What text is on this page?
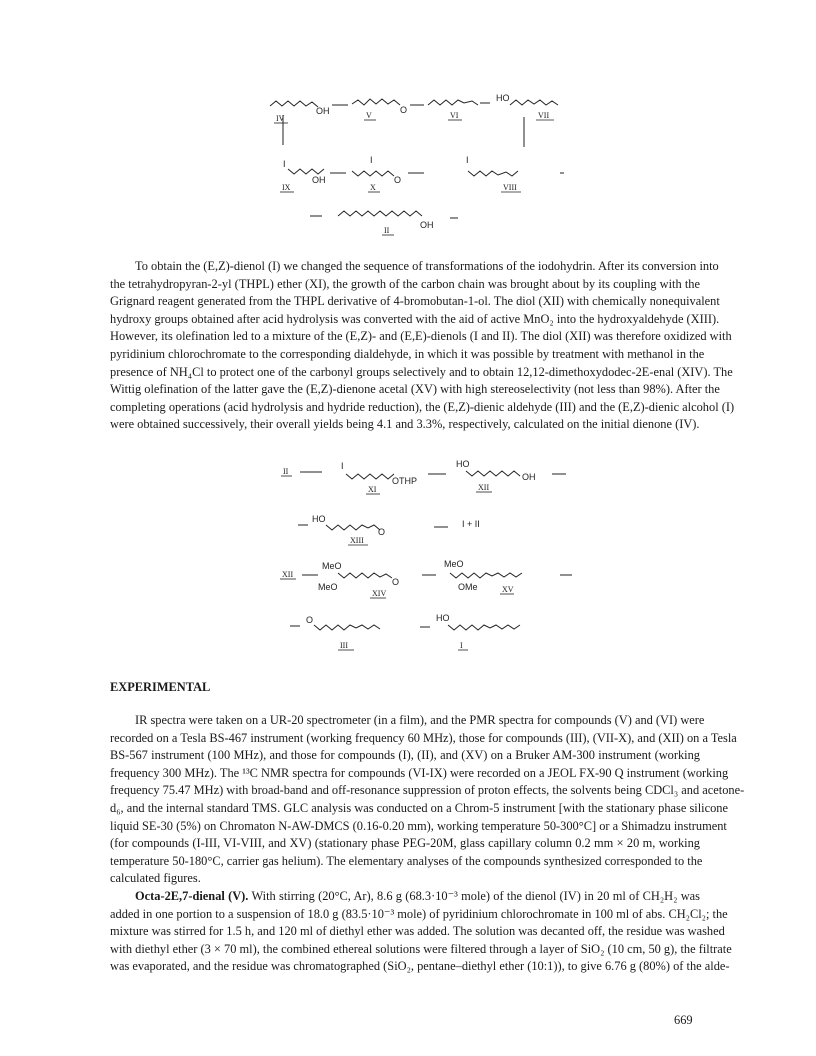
OH	O
HO
IV	V	VI	VII
I
OH
I
O
I
IX	X	VIII
OH
II
To obtain the (E,Z)-dienol (I) we changed the sequence of transformations of the iodohydrin. After its conversion into
the tetrahydropyran-2-yl (THPL) ether (XI), the growth of the carbon chain was brought about by its coupling with the
Grignard reagent generated from the THPL derivative of 4-bromobutan-1-ol. The diol (XII) with chemically nonequivalent
hydroxy groups obtained after acid hydrolysis was converted with the aid of active MnO₂ into the hydroxyaldehyde (XIII).
However, its olefination led to a mixture of the (E,Z)- and (E,E)-dienols (I and II). The diol (XII) was therefore oxidized with
pyridinium chlorochromate to the corresponding dialdehyde, in which it was possible by treatment with methanol in the
presence of NH₄Cl to protect one of the carbonyl groups selectively and to obtain 12,12-dimethoxydodec-2E-enal (XIV). The
Wittig olefination of the latter gave the (E,Z)-dienone acetal (XV) with high stereoselectivity (not less than 98%). After the
completing operations (acid hydrolysis and hydride reduction), the (E,Z)-dienic aldehyde (III) and the (E,Z)-dienic alcohol (I)
were obtained successively, their overall yields being 4.1 and 3.3%, respectively, calculated on the initial dienone (IV).
II
I
OTHP
XI
HO
OH
XII
HO
O
XIII
I + II
XII
MeO
MeO	O
XIV
MeO
OMe	XV
O
III
HO
I
EXPERIMENTAL
IR spectra were taken on a UR-20 spectrometer (in a film), and the PMR spectra for compounds (V) and (VI) were
recorded on a Tesla BS-467 instrument (working frequency 60 MHz), those for compounds (III), (VII-X), and (XII) on a Tesla
BS-567 instrument (100 MHz), and those for compounds (I), (II), and (XV) on a Bruker AM-300 instrument (working
frequency 300 MHz). The ¹³C NMR spectra for compounds (VI-IX) were recorded on a JEOL FX-90 Q instrument (working
frequency 75.47 MHz) with broad-band and off-resonance suppression of proton effects, the solvents being CDCl₃ and acetone-
d₆, and the internal standard TMS. GLC analysis was conducted on a Chrom-5 instrument [with the stationary phase silicone
liquid SE-30 (5%) on Chromaton N-AW-DMCS (0.16-0.20 mm), working temperature 50-300°C] or a Shimadzu instrument
(for compounds (I-III, VI-VIII, and XV) (stationary phase PEG-20M, glass capillary column 0.2 mm × 20 m, working
temperature 50-180°C, carrier gas helium). The elementary analyses of the compounds synthesized corresponded to the
calculated figures.
Octa-2E,7-dienal (V). With stirring (20°C, Ar), 8.6 g (68.3·10⁻³ mole) of the dienol (IV) in 20 ml of CH₂H₂ was
added in one portion to a suspension of 18.0 g (83.5·10⁻³ mole) of pyridinium chlorochromate in 100 ml of abs. CH₂Cl₂; the
mixture was stirred for 1.5 h, and 120 ml of diethyl ether was added. The solution was decanted off, the residue was washed
with diethyl ether (3 × 70 ml), the combined ethereal solutions were filtered through a layer of SiO₂ (10 cm, 50 g), the filtrate
was evaporated, and the residue was chromatographed (SiO₂, pentane–diethyl ether (10:1)), to give 6.76 g (80%) of the alde-
669
